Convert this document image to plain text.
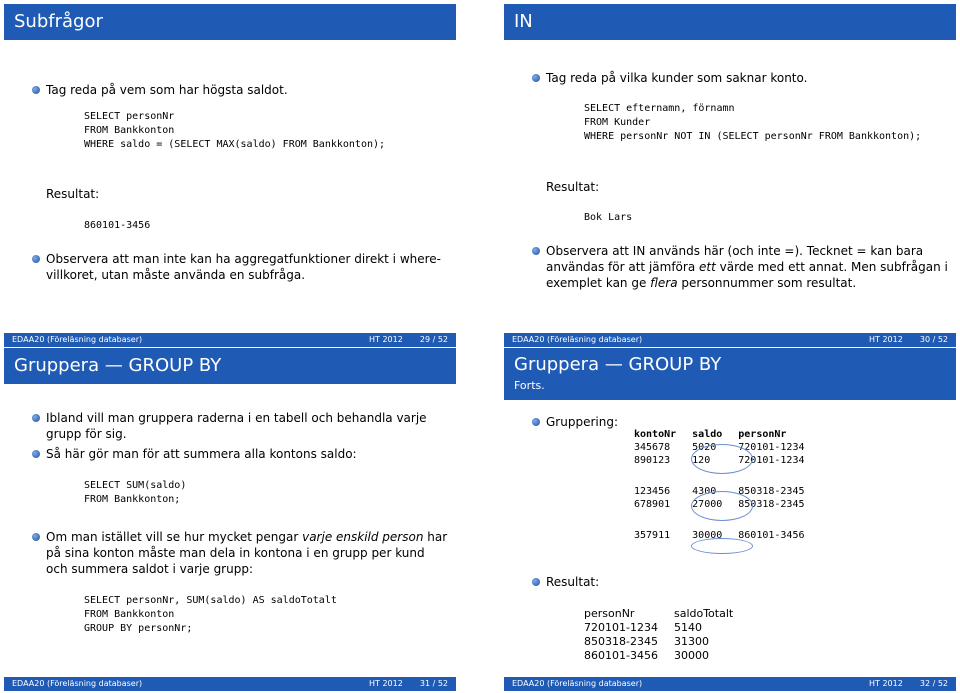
Subfrågor
Tag reda på vem som har högsta saldot.
SELECT personNr
FROM Bankkonton
WHERE saldo = (SELECT MAX(saldo) FROM Bankkonton);
Resultat:
860101-3456
Observera att man inte kan ha aggregatfunktioner direkt i where-villkoret, utan måste använda en subfråga.
EDAA20 (Föreläsning databaser)	HT 2012 29 / 52
IN
Tag reda på vilka kunder som saknar konto.
SELECT efternamn, förnamn
FROM Kunder
WHERE personNr NOT IN (SELECT personNr FROM Bankkonton);
Resultat:
Bok Lars
Observera att IN används här (och inte =). Tecknet = kan bara användas för att jämföra ett värde med ett annat. Men subfrågan i exemplet kan ge flera personnummer som resultat.
EDAA20 (Föreläsning databaser)	HT 2012 30 / 52
Gruppera — GROUP BY
Ibland vill man gruppera raderna i en tabell och behandla varje grupp för sig.
Så här gör man för att summera alla kontons saldo:
SELECT SUM(saldo)
FROM Bankkonton;
Om man istället vill se hur mycket pengar varje enskild person har på sina konton måste man dela in kontona i en grupp per kund och summera saldot i varje grupp:
SELECT personNr, SUM(saldo) AS saldoTotalt
FROM Bankkonton
GROUP BY personNr;
EDAA20 (Föreläsning databaser)	HT 2012 31 / 52
Gruppera — GROUP BY
Forts.
Gruppering:
kontoNr	saldo	personNr
345678	5020	720101-1234
890123	120	720101-1234

123456	4300	850318-2345
678901	27000	850318-2345

357911	30000	860101-3456
Resultat:
personNr	saldoTotalt
720101-1234	5140
850318-2345	31300
860101-3456	30000
EDAA20 (Föreläsning databaser)	HT 2012 32 / 52
